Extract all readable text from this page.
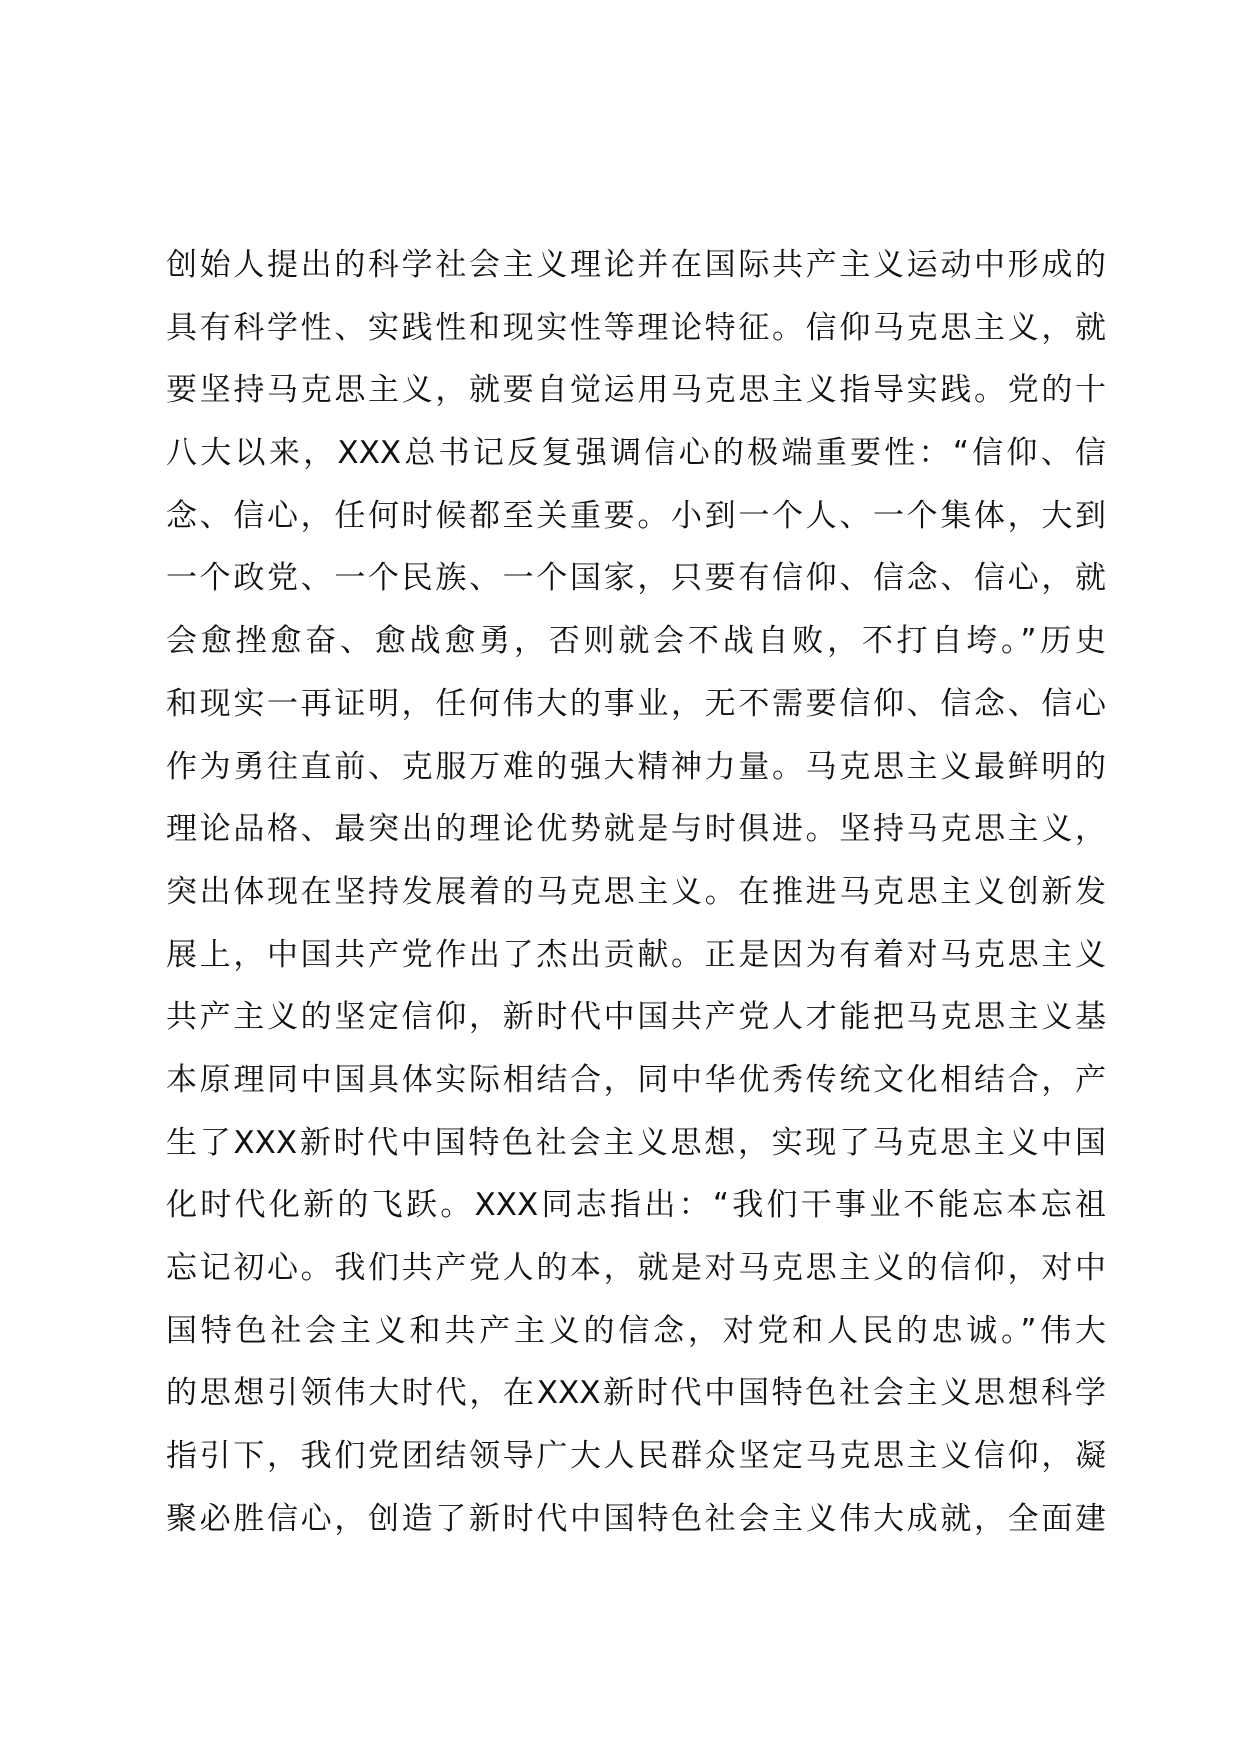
创始人提出的科学社会主义理论并在国际共产主义运动中形成的
具有科学性、实践性和现实性等理论特征。信仰马克思主义，就
要坚持马克思主义，就要自觉运用马克思主义指导实践。党的十
八大以来，XXX总书记反复强调信心的极端重要性：“信仰、信
念、信心，任何时候都至关重要。小到一个人、一个集体，大到
一个政党、一个民族、一个国家，只要有信仰、信念、信心，就
会愈挫愈奋、愈战愈勇，否则就会不战自败，不打自垮。”历史
和现实一再证明，任何伟大的事业，无不需要信仰、信念、信心
作为勇往直前、克服万难的强大精神力量。马克思主义最鲜明的
理论品格、最突出的理论优势就是与时俱进。坚持马克思主义，
突出体现在坚持发展着的马克思主义。在推进马克思主义创新发
展上，中国共产党作出了杰出贡献。正是因为有着对马克思主义
共产主义的坚定信仰，新时代中国共产党人才能把马克思主义基
本原理同中国具体实际相结合，同中华优秀传统文化相结合，产
生了XXX新时代中国特色社会主义思想，实现了马克思主义中国
化时代化新的飞跃。XXX同志指出：“我们干事业不能忘本忘祖
忘记初心。我们共产党人的本，就是对马克思主义的信仰，对中
国特色社会主义和共产主义的信念，对党和人民的忠诚。”伟大
的思想引领伟大时代，在XXX新时代中国特色社会主义思想科学
指引下，我们党团结领导广大人民群众坚定马克思主义信仰，凝
聚必胜信心，创造了新时代中国特色社会主义伟大成就，全面建
